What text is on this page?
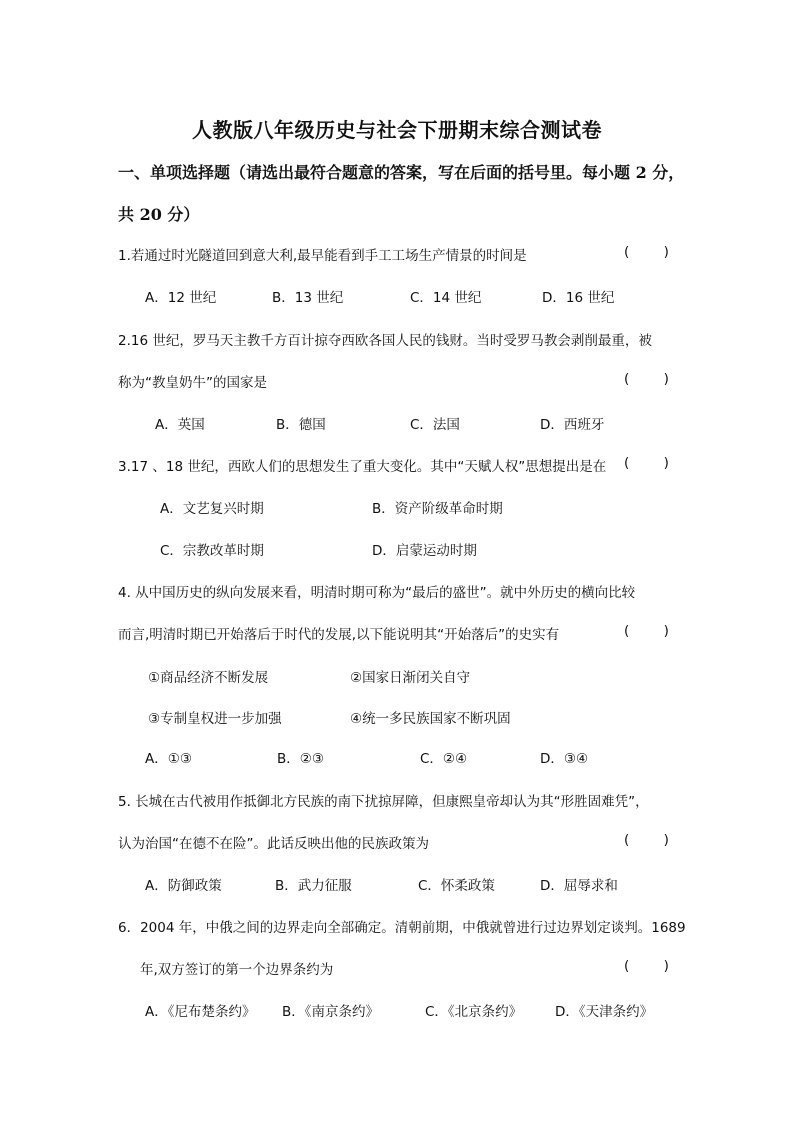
人教版八年级历史与社会下册期末综合测试卷
一、单项选择题（请选出最符合题意的答案，写在后面的括号里。每小题 2 分，
共 20 分）
1.若通过时光隧道回到意大利,最早能看到手工工场生产情景的时间是	(        )
A．12 世纪	B．13 世纪	C．14 世纪	D．16 世纪
2.16 世纪，罗马天主教千方百计掠夺西欧各国人民的钱财。当时受罗马教会剥削最重，被
称为“教皇奶牛”的国家是	(        )
A．英国	B．德国	C．法国	D．西班牙
3.17 、18 世纪，西欧人们的思想发生了重大变化。其中“天赋人权”思想提出是在 (        )
A．文艺复兴时期	B．资产阶级革命时期
C．宗教改革时期	D．启蒙运动时期
4. 从中国历史的纵向发展来看，明清时期可称为“最后的盛世”。就中外历史的横向比较
而言,明清时期已开始落后于时代的发展,以下能说明其“开始落后”的史实有	(        )
①商品经济不断发展	②国家日渐闭关自守
③专制皇权进一步加强	④统一多民族国家不断巩固
A．①③	B．②③	C．②④	D．③④
5. 长城在古代被用作抵御北方民族的南下扰掠屏障，但康熙皇帝却认为其“形胜固难凭”，
认为治国“在德不在险”。此话反映出他的民族政策为	(        )
A．防御政策	B．武力征服	C．怀柔政策	D．屈辱求和
6．2004 年，中俄之间的边界走向全部确定。清朝前期，中俄就曾进行过边界划定谈判。1689
年,双方签订的第一个边界条约为	(        )
A．《尼布楚条约》 B．《南京条约》	C．《北京条约》 D．《天津条约》
